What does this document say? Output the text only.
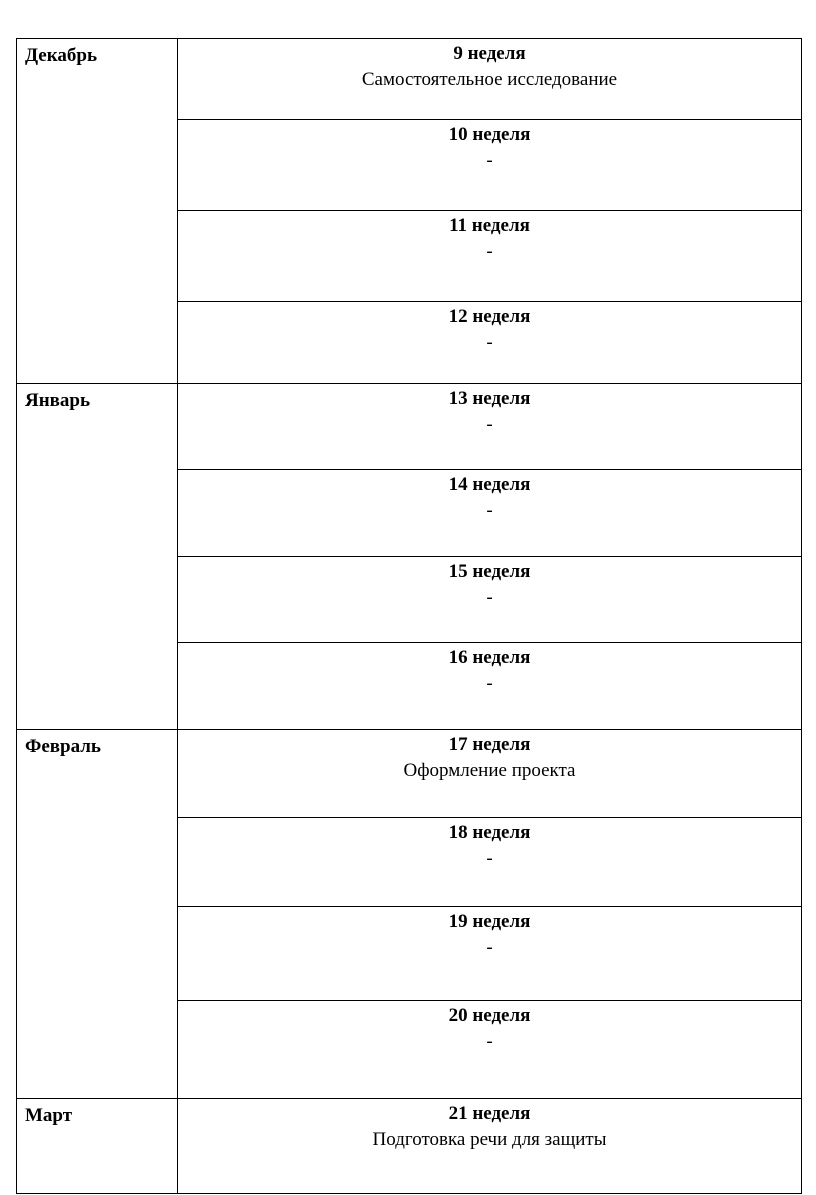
Декабрь	9 неделя
Самостоятельное исследование

	10 неделя
-

	11 неделя
-

	12 неделя
-

Январь	13 неделя
-

	14 неделя
-

	15 неделя
-

	16 неделя
-

Февраль	17 неделя
Оформление проекта

	18 неделя
-

	19 неделя
-

	20 неделя
-

Март	21 неделя
Подготовка речи для защиты
